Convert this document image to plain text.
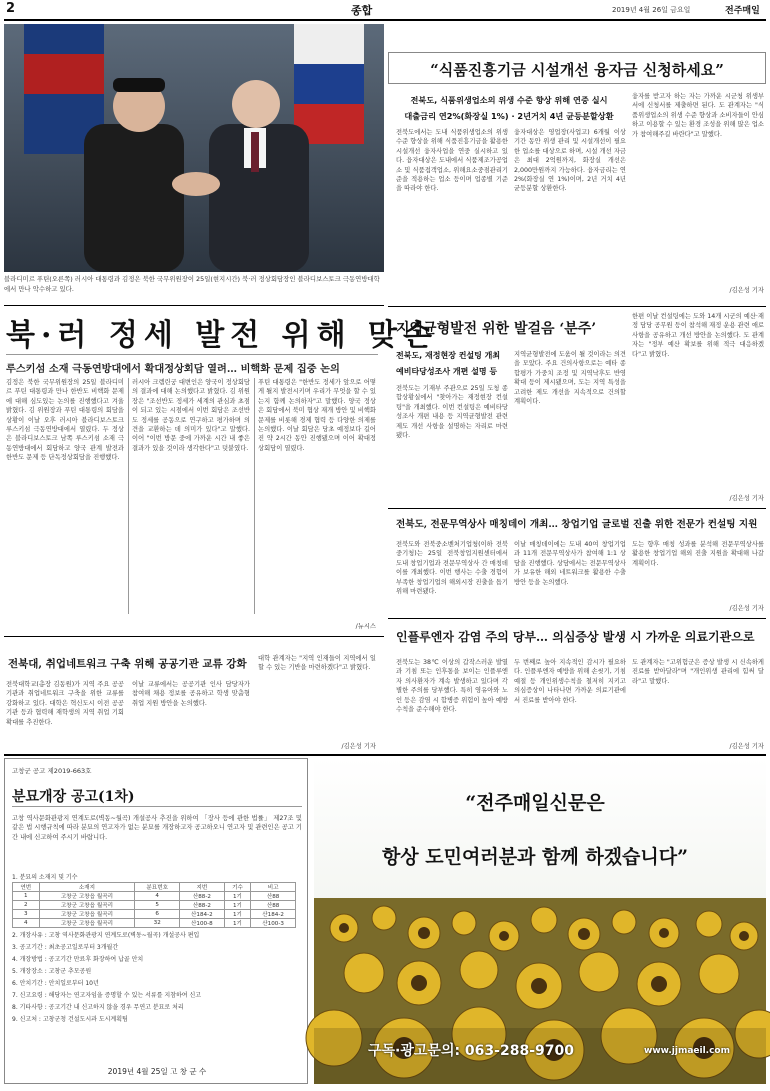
2	종합	2019년 4월 26일 금요일	전주매일
블라디미르 푸틴(오른쪽) 러시아 대통령과 김정은 북한 국무위원장이 25일(현지시간) 북·러 정상회담장인 블라디보스토크 극동연방대학에서 만나 악수하고 있다.
북·러 정세 발전 위해 맞손
루스키섬 소재 극동연방대에서 확대정상회담 열려… 비핵화 문제 집중 논의
김정은 북한 국무위원장의 25일 블라디미르 푸틴 대통령과 만나 한반도 비핵화 문제에 대해 심도있는 논의를 진행했다고 겨울 밝혔다. 김 위원장과 푸틴 대통령의 회담을 상황이 이날 오후 러시아 블라디보스토크 루스키섬 극동연방대에서 열렸다. 두 정상은 블라디보스토크 남쪽 루스키섬 소재 극동연방대에서 회담하고 양국 관계 발전과 한반도 문제 등 단독정상회담을 진행했다.
러시아 크렘린궁 대변인은 양국이 정상회담의 결과에 대해 논의했다고 밝혔다. 김 위원장은 "조선반도 정세가 세계의 관심과 초점이 되고 있는 시점에서 이번 회담은 조선반도 정세를 공동으로 연구하고 평가하며 의견을 교환하는 데 의미가 있다"고 말했다. 이어 "이번 방문 중에 가까운 시간 내 좋은 결과가 있을 것이라 생각한다"고 덧붙였다.
푸틴 대통령은 "한반도 정세가 앞으로 어떻게 될지 발전시키며 우리가 무엇을 할 수 있는지 함께 논의하자"고 말했다. 양국 정상은 회담에서 북미 협상 재개 방안 및 비핵화 문제를 비롯해 경제 협력 등 다양한 의제를 논의했다. 이날 회담은 당초 예정보다 길어진 약 2시간 동안 진행됐으며 이어 확대정상회담이 열렸다.
/뉴시스
전북대, 취업네트워크 구축 위해 공공기관 교류 강화
전북대학교(총장 김동원)가 지역 주요 공공기관과 취업네트워크 구축을 위한 교류를 강화하고 있다. 대학은 혁신도시 이전 공공기관 등과 협력해 재학생의 지역 취업 기회 확대를 추진한다.
이날 교류에서는 공공기관 인사 담당자가 참여해 채용 정보를 공유하고 학생 맞춤형 취업 지원 방안을 논의했다.
대학 관계자는 "지역 인재들이 지역에서 일할 수 있는 기반을 마련하겠다"고 밝혔다.
/김은성 기자
“식품진흥기금 시설개선 융자금 신청하세요”
전북도, 식품위생업소의 위생 수준 향상 위해 연중 실시
대출금리 연2%(화장실 1%) · 2년거치 4년 균등분할상환
전북도에서는 도내 식품위생업소의 위생 수준 향상을 위해 식품진흥기금을 활용한 시설개선 융자사업을 연중 실시하고 있다. 융자대상은 도내에서 식품제조가공업소 및 식품접객업소, 위해요소중점관리기준을 적용하는 업소 등이며 업종별 기준을 따라야 한다.
융자대상은 영업장(사업고) 6개월 이상 기간 동안 위생 관리 및 시설개선이 필요한 업소를 대상으로 하며, 시설 개선 자금은 최대 2억원까지, 화장실 개선은 2,000만원까지 가능하다. 융자금리는 연 2%(화장실 연 1%)이며, 2년 거치 4년 균등분할 상환한다.
융자를 받고자 하는 자는 가까운 시군청 위생부서에 신청서를 제출하면 된다. 도 관계자는 "식품위생업소의 위생 수준 향상과 소비자들이 안심하고 이용할 수 있는 환경 조성을 위해 많은 업소가 참여해주길 바란다"고 말했다.
/김은성 기자
지역균형발전 위한 발걸음 ‘분주’
전북도, 재정현장 컨설팅 개최
예비타당성조사 개편 설명 등
전북도는 기재부 주관으로 25일 도청 종합상황실에서 "찾아가는 재정현장 컨설팅"을 개최했다. 이번 컨설팅은 예비타당성조사 개편 내용 등 지역균형발전 관련 제도 개선 사항을 설명하는 자리로 마련됐다.
지역균형발전에 도움이 될 것이라는 의견을 모았다. 주요 건의사항으로는 예타 종합평가 가중치 조정 및 지역낙후도 반영 확대 등이 제시됐으며, 도는 지역 특성을 고려한 제도 개선을 지속적으로 건의할 계획이다.
한편 이날 컨설팅에는 도와 14개 시군의 예산·재정 담당 공무원 등이 참석해 재정 운용 관련 애로사항을 공유하고 개선 방안을 논의했다. 도 관계자는 "정부 예산 확보를 위해 적극 대응하겠다"고 밝혔다.
/김은성 기자
전북도, 전문무역상사 매칭데이 개최… 창업기업 글로벌 진출 위한 전문가 컨설팅 지원
전북도와 전북중소벤처기업청(이하 전북중기청)는 25일 전북창업지원센터에서 도내 창업기업과 전문무역상사 간 매칭데이를 개최했다. 이번 행사는 수출 경험이 부족한 창업기업의 해외시장 진출을 돕기 위해 마련됐다.
이날 매칭데이에는 도내 40여 창업기업과 11개 전문무역상사가 참여해 1:1 상담을 진행했다. 상담에서는 전문무역상사가 보유한 해외 네트워크를 활용한 수출 방안 등을 논의했다.
도는 향후 매칭 성과를 분석해 전문무역상사를 활용한 창업기업 해외 진출 지원을 확대해 나갈 계획이다.
/김은성 기자
인플루엔자 감염 주의 당부… 의심증상 발생 시 가까운 의료기관으로
전북도는 38℃ 이상의 갑작스러운 발열과 기침 또는 인후통을 보이는 인플루엔자 의사환자가 계속 발생하고 있다며 각별한 주의를 당부했다. 특히 영유아와 노인 등은 감염 시 합병증 위험이 높아 예방수칙을 준수해야 한다.
두 번째로 높아 지속적인 감시가 필요하다. 인플루엔자 예방을 위해 손씻기, 기침예절 등 개인위생수칙을 철저히 지키고 의심증상이 나타나면 가까운 의료기관에서 진료를 받아야 한다.
도 관계자는 "고위험군은 증상 발생 시 신속하게 진료를 받아달라"며 "개인위생 관리에 힘써 달라"고 말했다.
/김은성 기자
고창군 공고 제2019-663호
분묘개장 공고(1차)
고창 역사문화관광지 연계도로(벽동~월곡) 개설공사 추진을 위하여 「장사 등에 관한 법률」 제27조 및 같은 법 시행규칙에 따라 분묘의 연고자가 없는 분묘를 개장하고자 공고하오니 연고자 및 관련인은 공고 기간 내에 신고하여 주시기 바랍니다.
1. 분묘의 소재지 및 기수
연번	소재지	분묘번호	지번	기수	비고
1	고창군 고창읍 월곡리	4	산88-2	1기	산88
2	고창군 고창읍 월곡리	5	산88-2	1기	산88
3	고창군 고창읍 월곡리	6	산184-2	1기	산184-2
4	고창군 고창읍 월곡리	32	산100-8	1기	산100-3
2. 개장사유 : 고창 역사문화관광지 연계도로(벽동~월곡) 개설공사 편입
3. 공고기간 : 최초공고일로부터 3개월간
4. 개장방법 : 공고기간 만료후 화장하여 납골 안치
5. 개장장소 : 고창군 추모공원
6. 안치기간 : 안치일로부터 10년
7. 신고요령 : 해당자는 연고자임을 증명할 수 있는 서류를 지참하여 신고
8. 기타사항 : 공고기간 내 신고하지 않을 경우 무연고 분묘로 처리
9. 신고처 : 고창군청 건설도시과 도시계획팀
2019년 4월 25일 고 창 군 수
“전주매일신문은
항상 도민여러분과 함께 하겠습니다”
구독·광고문의: 063-288-9700	www.jjmaeil.com
